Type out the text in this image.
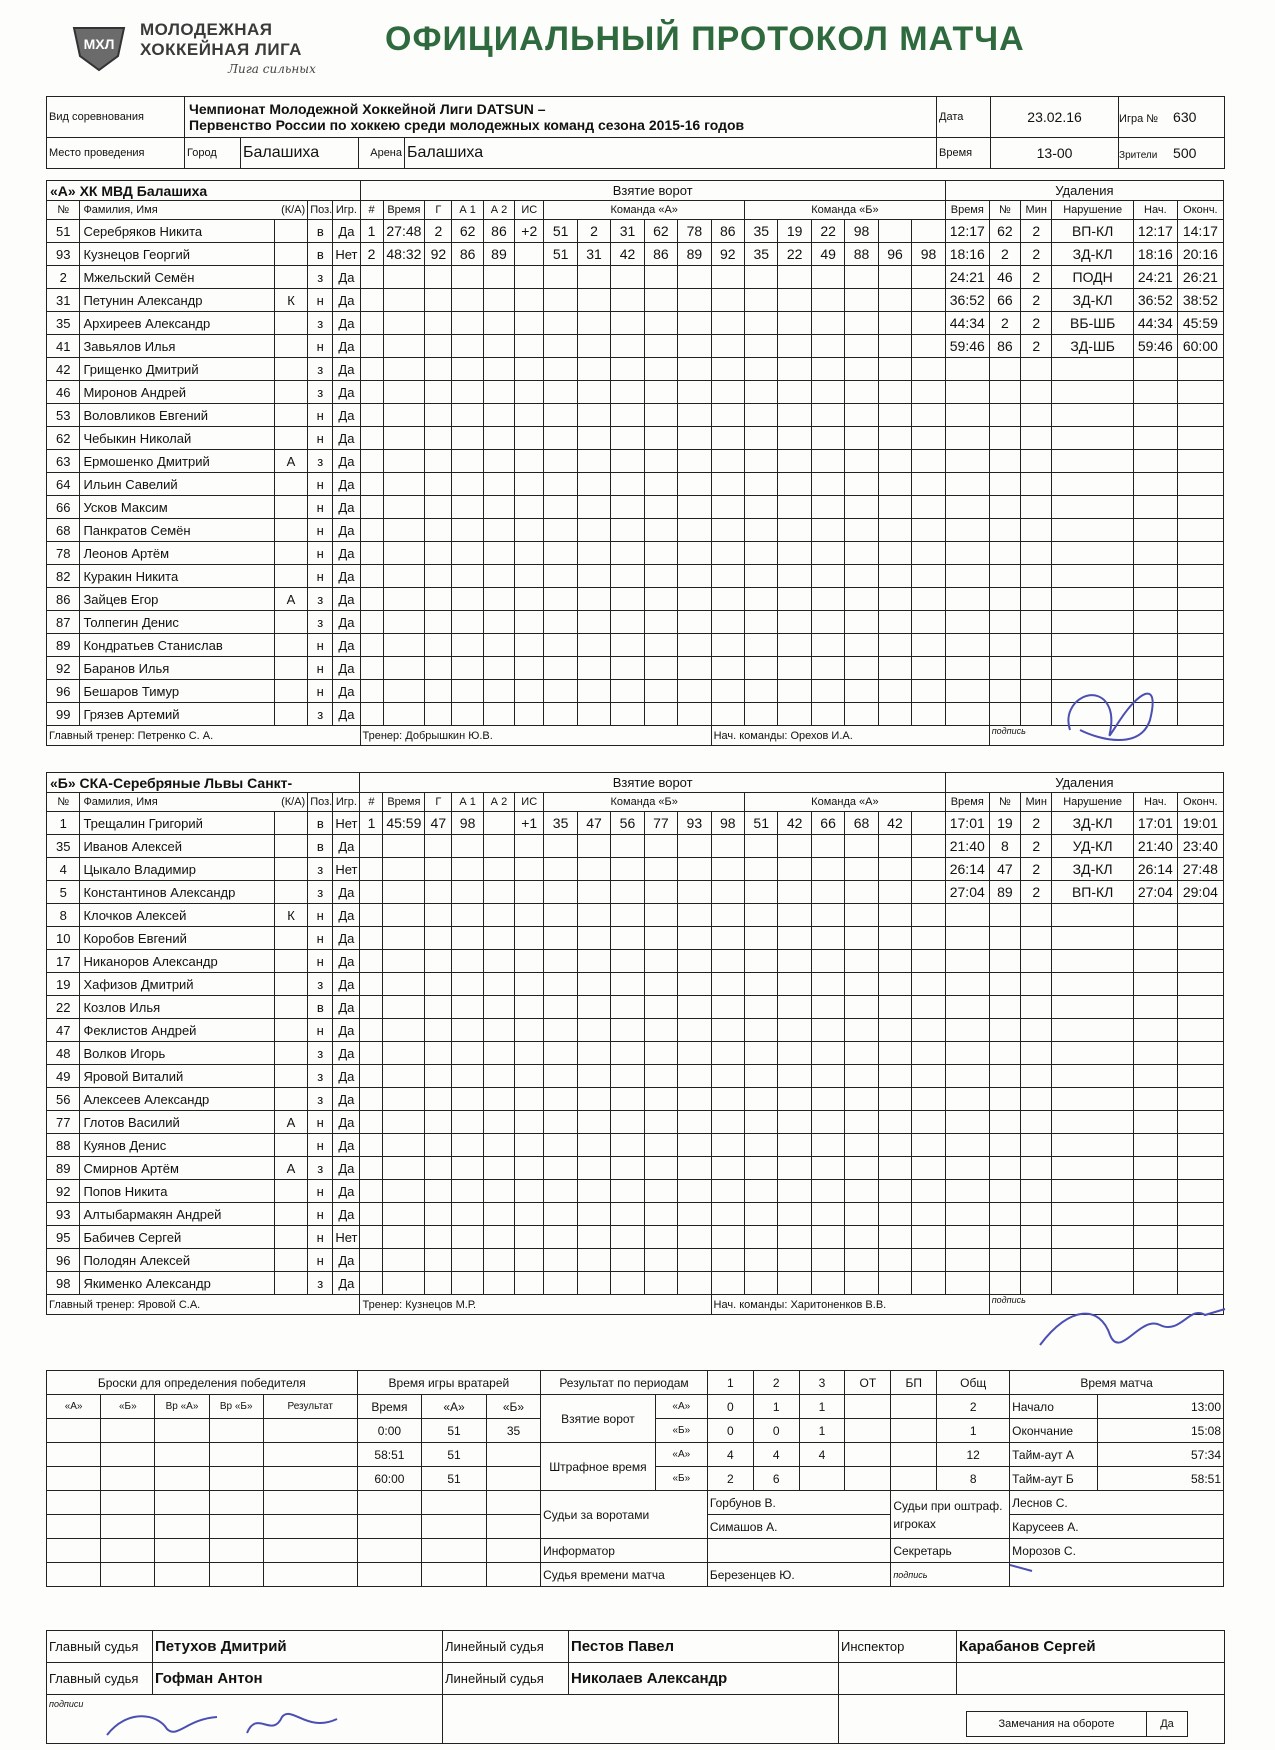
МХЛ
МОЛОДЕЖНАЯ
ХОККЕЙНАЯ ЛИГА
Лига сильных
ОФИЦИАЛЬНЫЙ ПРОТОКОЛ МАТЧА
Вид соревнования	Чемпионат Молодежной Хоккейной Лиги DATSUN –
Первенство России по хоккею среди молодежных команд сезона 2015-16 годов				Дата	23.02.16	Игра № 630
Место проведения	Город	Балашиха	Арена	Балашиха	Время	13-00	Зрители 500
«А» ХК МВД Балашиха					Взятие ворот																		Удаления					
№	Фамилия, Имя (К/А)		Поз.	Игр.	#	Время	Г	А 1	А 2	ИС	Команда «А»						Команда «Б»						Время	№	Мин	Нарушение	Нач.	Оконч.
51	Серебряков Никита		в	Да	1	27:48	2	62	86	+2	51	2	31	62	78	86	35	19	22	98			12:17	62	2	ВП-КЛ	12:17	14:17
93	Кузнецов Георгий		в	Нет	2	48:32	92	86	89		51	31	42	86	89	92	35	22	49	88	96	98	18:16	2	2	ЗД-КЛ	18:16	20:16
2	Мжельский Семён		з	Да																			24:21	46	2	ПОДН	24:21	26:21
31	Петунин Александр	К	н	Да																			36:52	66	2	ЗД-КЛ	36:52	38:52
35	Архиреев Александр		з	Да																			44:34	2	2	ВБ-ШБ	44:34	45:59
41	Завьялов Илья		н	Да																			59:46	86	2	ЗД-ШБ	59:46	60:00
42	Грищенко Дмитрий		з	Да																								
46	Миронов Андрей		з	Да																								
53	Воловликов Евгений		н	Да																								
62	Чебыкин Николай		н	Да																								
63	Ермошенко Дмитрий	А	з	Да																								
64	Ильин Савелий		н	Да																								
66	Усков Максим		н	Да																								
68	Панкратов Семён		н	Да																								
78	Леонов Артём		н	Да																								
82	Куракин Никита		н	Да																								
86	Зайцев Егор	А	з	Да																								
87	Толпегин Денис		з	Да																								
89	Кондратьев Станислав		н	Да																								
92	Баранов Илья		н	Да																								
96	Бешаров Тимур		н	Да																								
99	Грязев Артемий		з	Да																								
Главный тренер: Петренко С. А.					Тренер: Добрышкин Ю.В.											Нач. команды: Орехов И.А.								подпись				
«Б» СКА-Серебряные Львы Санкт-					Взятие ворот																		Удаления					
№	Фамилия, Имя (К/А)		Поз.	Игр.	#	Время	Г	А 1	А 2	ИС	Команда «Б»						Команда «А»						Время	№	Мин	Нарушение	Нач.	Оконч.
1	Трещалин Григорий		в	Нет	1	45:59	47	98		+1	35	47	56	77	93	98	51	42	66	68	42		17:01	19	2	ЗД-КЛ	17:01	19:01
35	Иванов Алексей		в	Да																			21:40	8	2	УД-КЛ	21:40	23:40
4	Цыкало Владимир		з	Нет																			26:14	47	2	ЗД-КЛ	26:14	27:48
5	Константинов Александр		з	Да																			27:04	89	2	ВП-КЛ	27:04	29:04
8	Клочков Алексей	К	н	Да																								
10	Коробов Евгений		н	Да																								
17	Никаноров Александр		н	Да																								
19	Хафизов Дмитрий		з	Да																								
22	Козлов Илья		в	Да																								
47	Феклистов Андрей		н	Да																								
48	Волков Игорь		з	Да																								
49	Яровой Виталий		з	Да																								
56	Алексеев Александр		з	Да																								
77	Глотов Василий	А	н	Да																								
88	Куянов Денис		н	Да																								
89	Смирнов Артём	А	з	Да																								
92	Попов Никита		н	Да																								
93	Алтыбармакян Андрей		н	Да																								
95	Бабичев Сергей		н	Нет																								
96	Полодян Алексей		н	Да																								
98	Якименко Александр		з	Да																								
Главный тренер: Яровой С.А.					Тренер: Кузнецов М.Р.											Нач. команды: Харитоненков В.В.								подпись				
Броски для определения победителя					Время игры вратарей			Результат по периодам		1	2	3	ОТ	БП	Общ	Время матча	
«А»	«Б»	Вр «А»	Вр «Б»	Результат	Время	«А»	«Б»	Взятие ворот	«А»	0	1	1			2	Начало	13:00
					0:00	51	35		«Б»	0	0	1			1	Окончание	15:08
					58:51	51		Штрафное время	«А»	4	4	4			12	Тайм-аут А	57:34
					60:00	51			«Б»	2	6				8	Тайм-аут Б	58:51
								Судьи за воротами		Горбунов В.				Судьи при оштраф. игроках		Леснов С.	
										Симашов А.						Карусеев А.	
								Информатор						Секретарь		Морозов С.	
								Судья времени матча		Березенцев Ю.				подпись	
Главный судья	Петухов Дмитрий	Линейный судья	Пестов Павел	Инспектор	Карабанов Сергей
Главный судья	Гофман Антон	Линейный судья	Николаев Александр		
подписи				Замечания на обороте Да	
